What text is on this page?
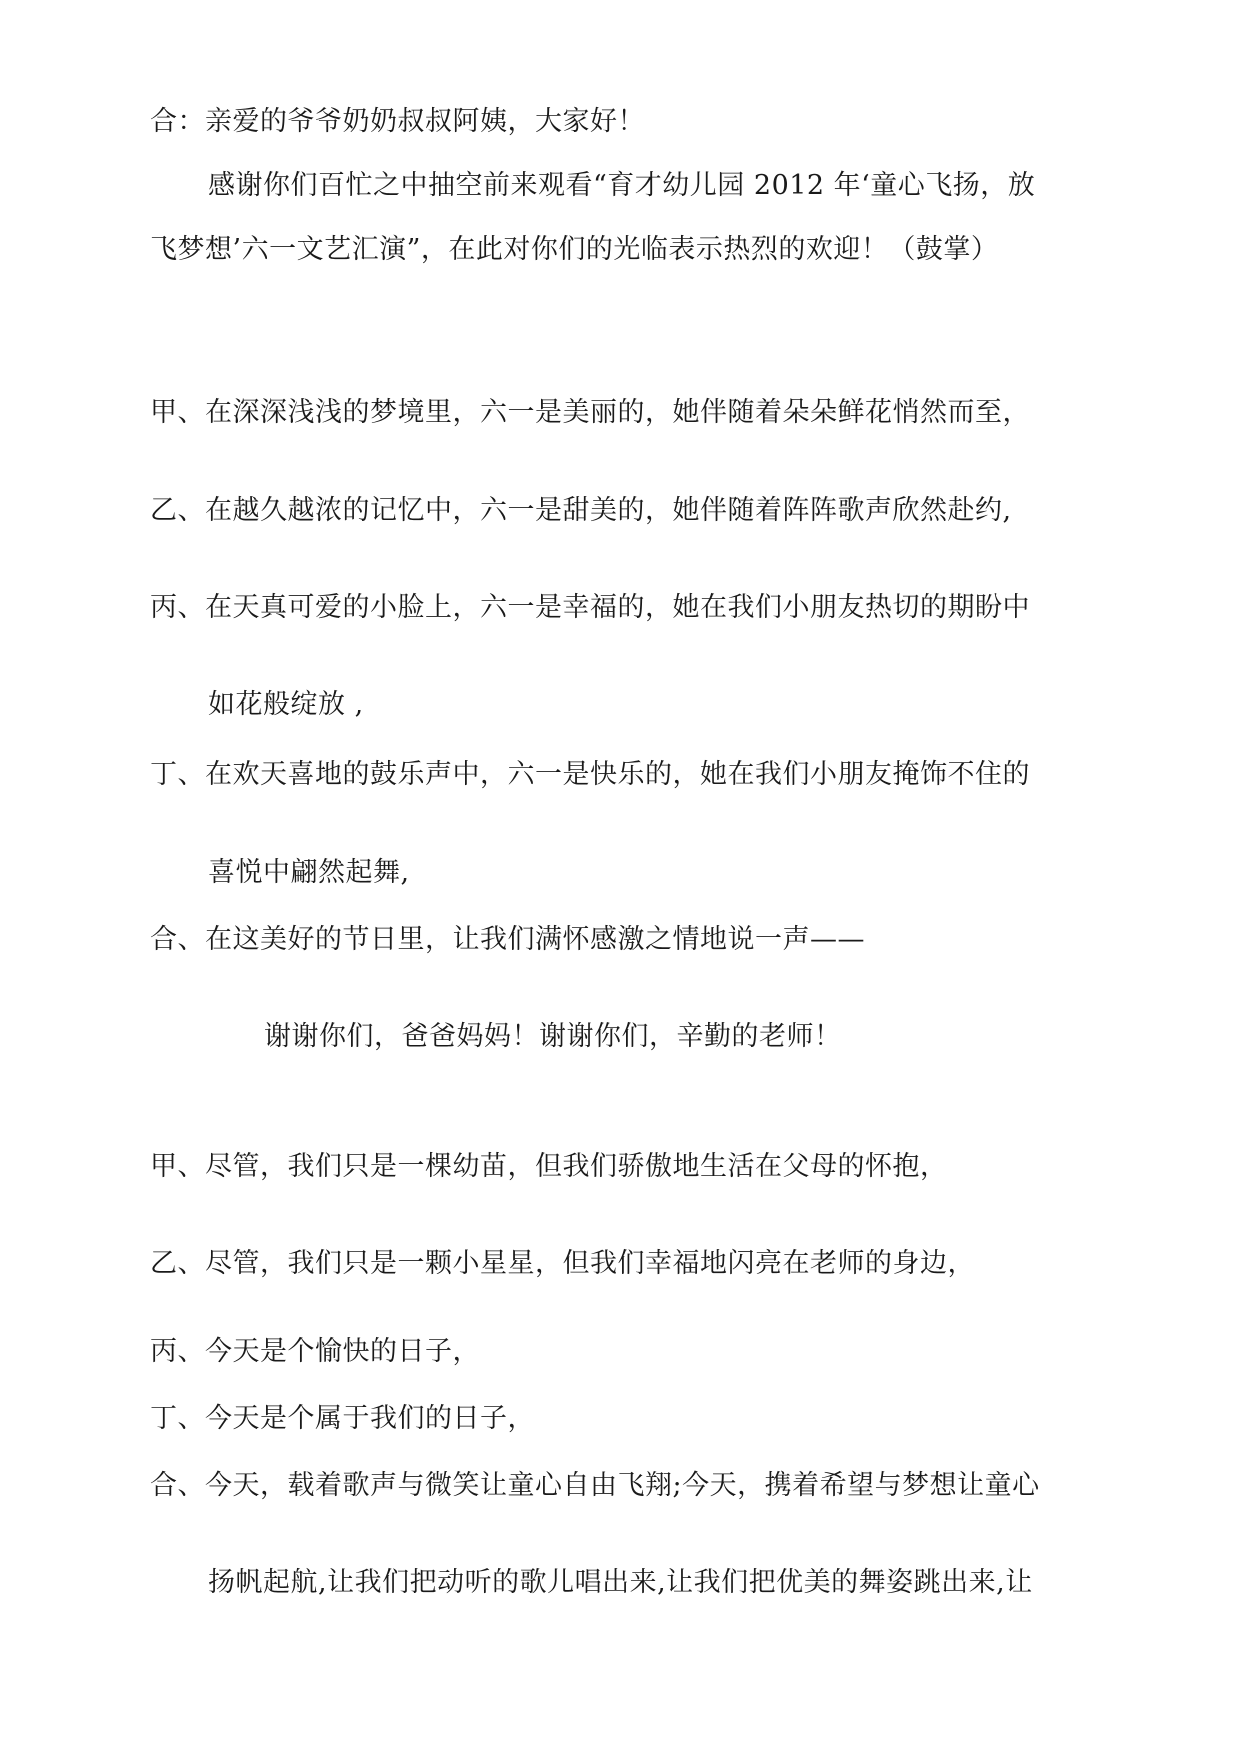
合：亲爱的爷爷奶奶叔叔阿姨，大家好！
感谢你们百忙之中抽空前来观看“育才幼儿园 2012 年‘童心飞扬，放
飞梦想’六一文艺汇演”，在此对你们的光临表示热烈的欢迎！（鼓掌）
甲、在深深浅浅的梦境里，六一是美丽的，她伴随着朵朵鲜花悄然而至，
乙、在越久越浓的记忆中，六一是甜美的，她伴随着阵阵歌声欣然赴约,
丙、在天真可爱的小脸上，六一是幸福的，她在我们小朋友热切的期盼中
如花般绽放 ,
丁、在欢天喜地的鼓乐声中，六一是快乐的，她在我们小朋友掩饰不住的
喜悦中翩然起舞,
合、在这美好的节日里，让我们满怀感激之情地说一声——
谢谢你们，爸爸妈妈！谢谢你们，辛勤的老师！
甲、尽管，我们只是一棵幼苗，但我们骄傲地生活在父母的怀抱，
乙、尽管，我们只是一颗小星星，但我们幸福地闪亮在老师的身边，
丙、今天是个愉快的日子，
丁、今天是个属于我们的日子，
合、今天，载着歌声与微笑让童心自由飞翔;今天，携着希望与梦想让童心
扬帆起航,让我们把动听的歌儿唱出来,让我们把优美的舞姿跳出来,让
